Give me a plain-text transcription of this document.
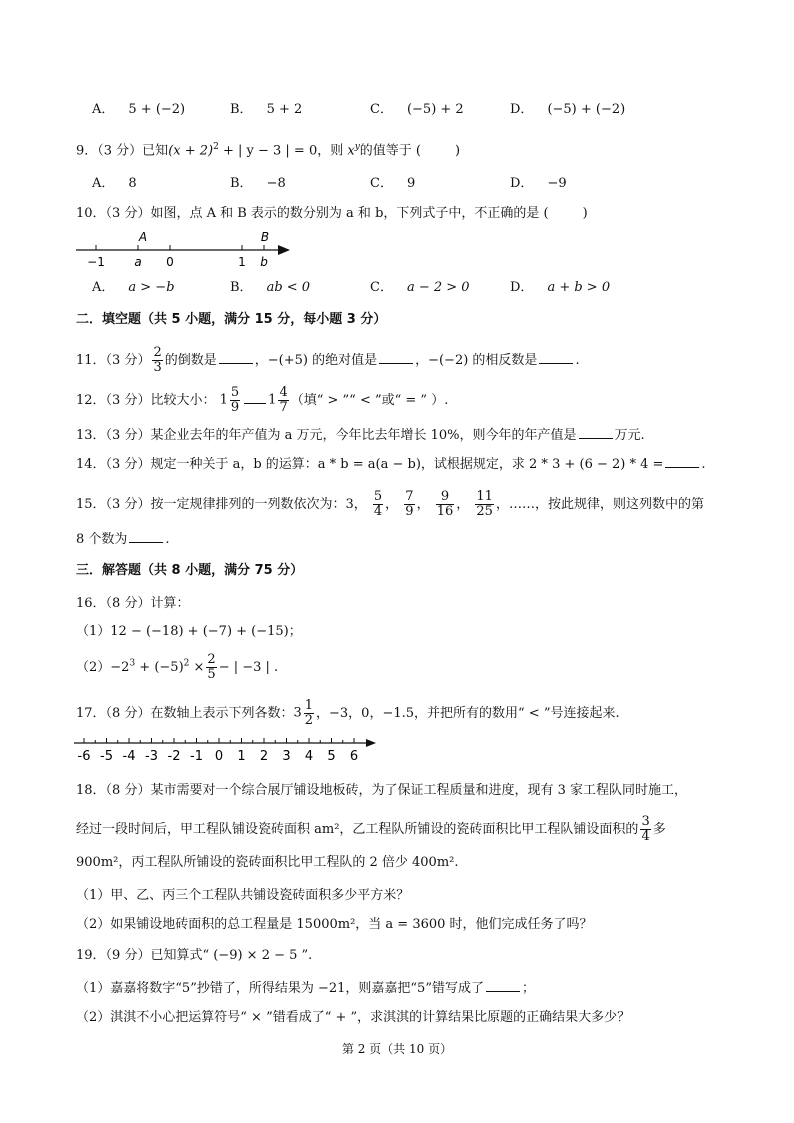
A． 5 + (−2)	B． 5 + 2	C． (−5) + 2	D． (−5) + (−2)
9．（3 分）已知$(x + 2)^2$ + | y − 3 | = 0，则 $x^y$的值等于 (	)
A． 8	B． −8	C． 9	D． −9
10．（3 分）如图，点 A 和 B 表示的数分别为 a 和 b，下列式子中，不正确的是 (	)
A	B
−1 a 0	1 b
A． a > −b	B． ab < 0	C． a − 2 > 0	D． a + b > 0
二．填空题（共 5 小题，满分 15 分，每小题 3 分）
11．（3 分） $\frac{2}{3}$ 的倒数是	，−(+5) 的绝对值是	，−(−2) 的相反数是	.
12．（3 分）比较大小： $1 \frac{5}{9} 1 \frac{4}{7}$ （填“ > ”“ < ”或“ = ” ）.
13．（3 分）某企业去年的年产值为 a 万元，今年比去年增长 10%，则今年的年产值是	万元.
14．（3 分）规定一种关于 a，b 的运算：a * b = a(a − b)，试根据规定，求 2 * 3 + (6 − 2) * 4 =	.
15．（3 分）按一定规律排列的一列数依次为：3， $\frac{5}{4}$ ， $\frac{7}{9}$ ， $\frac{9}{16}$ ， $\frac{11}{25}$ ，……，按此规律，则这列数中的第
8 个数为	.
三．解答题（共 8 小题，满分 75 分）
16．（8 分）计算：
（1）12 − (−18) + (−7) + (−15)；
$(2)-2^3 + (-5)^2 \times \frac{2}{5}$ − | −3 | .
17．（8 分）在数轴上表示下列各数：$3 \frac{1}{2}$ ，−3，0，−1.5，并把所有的数用“ < ”号连接起来.
-6 -5 -4 -3 -2 -1 0 1 2 3 4 5 6
18．（8 分）某市需要对一个综合展厅铺设地板砖，为了保证工程质量和进度，现有 3 家工程队同时施工，
经过一段时间后，甲工程队铺设瓷砖面积 am²，乙工程队所铺设的瓷砖面积比甲工程队铺设面积的 $\frac{3}{4}$ 多
900m²，丙工程队所铺设的瓷砖面积比甲工程队的 2 倍少 400m².
（1）甲、乙、丙三个工程队共铺设瓷砖面积多少平方米？
（2）如果铺设地砖面积的总工程量是 15000m²，当 a = 3600 时，他们完成任务了吗？
19．（9 分）已知算式“ (−9) × 2 − 5 ”.
（1）嘉嘉将数字“5”抄错了，所得结果为 −21，则嘉嘉把“5”错写成了	；
（2）淇淇不小心把运算符号“ × ”错看成了“ + ”，求淇淇的计算结果比原题的正确结果大多少？
第 2 页（共 10 页）
